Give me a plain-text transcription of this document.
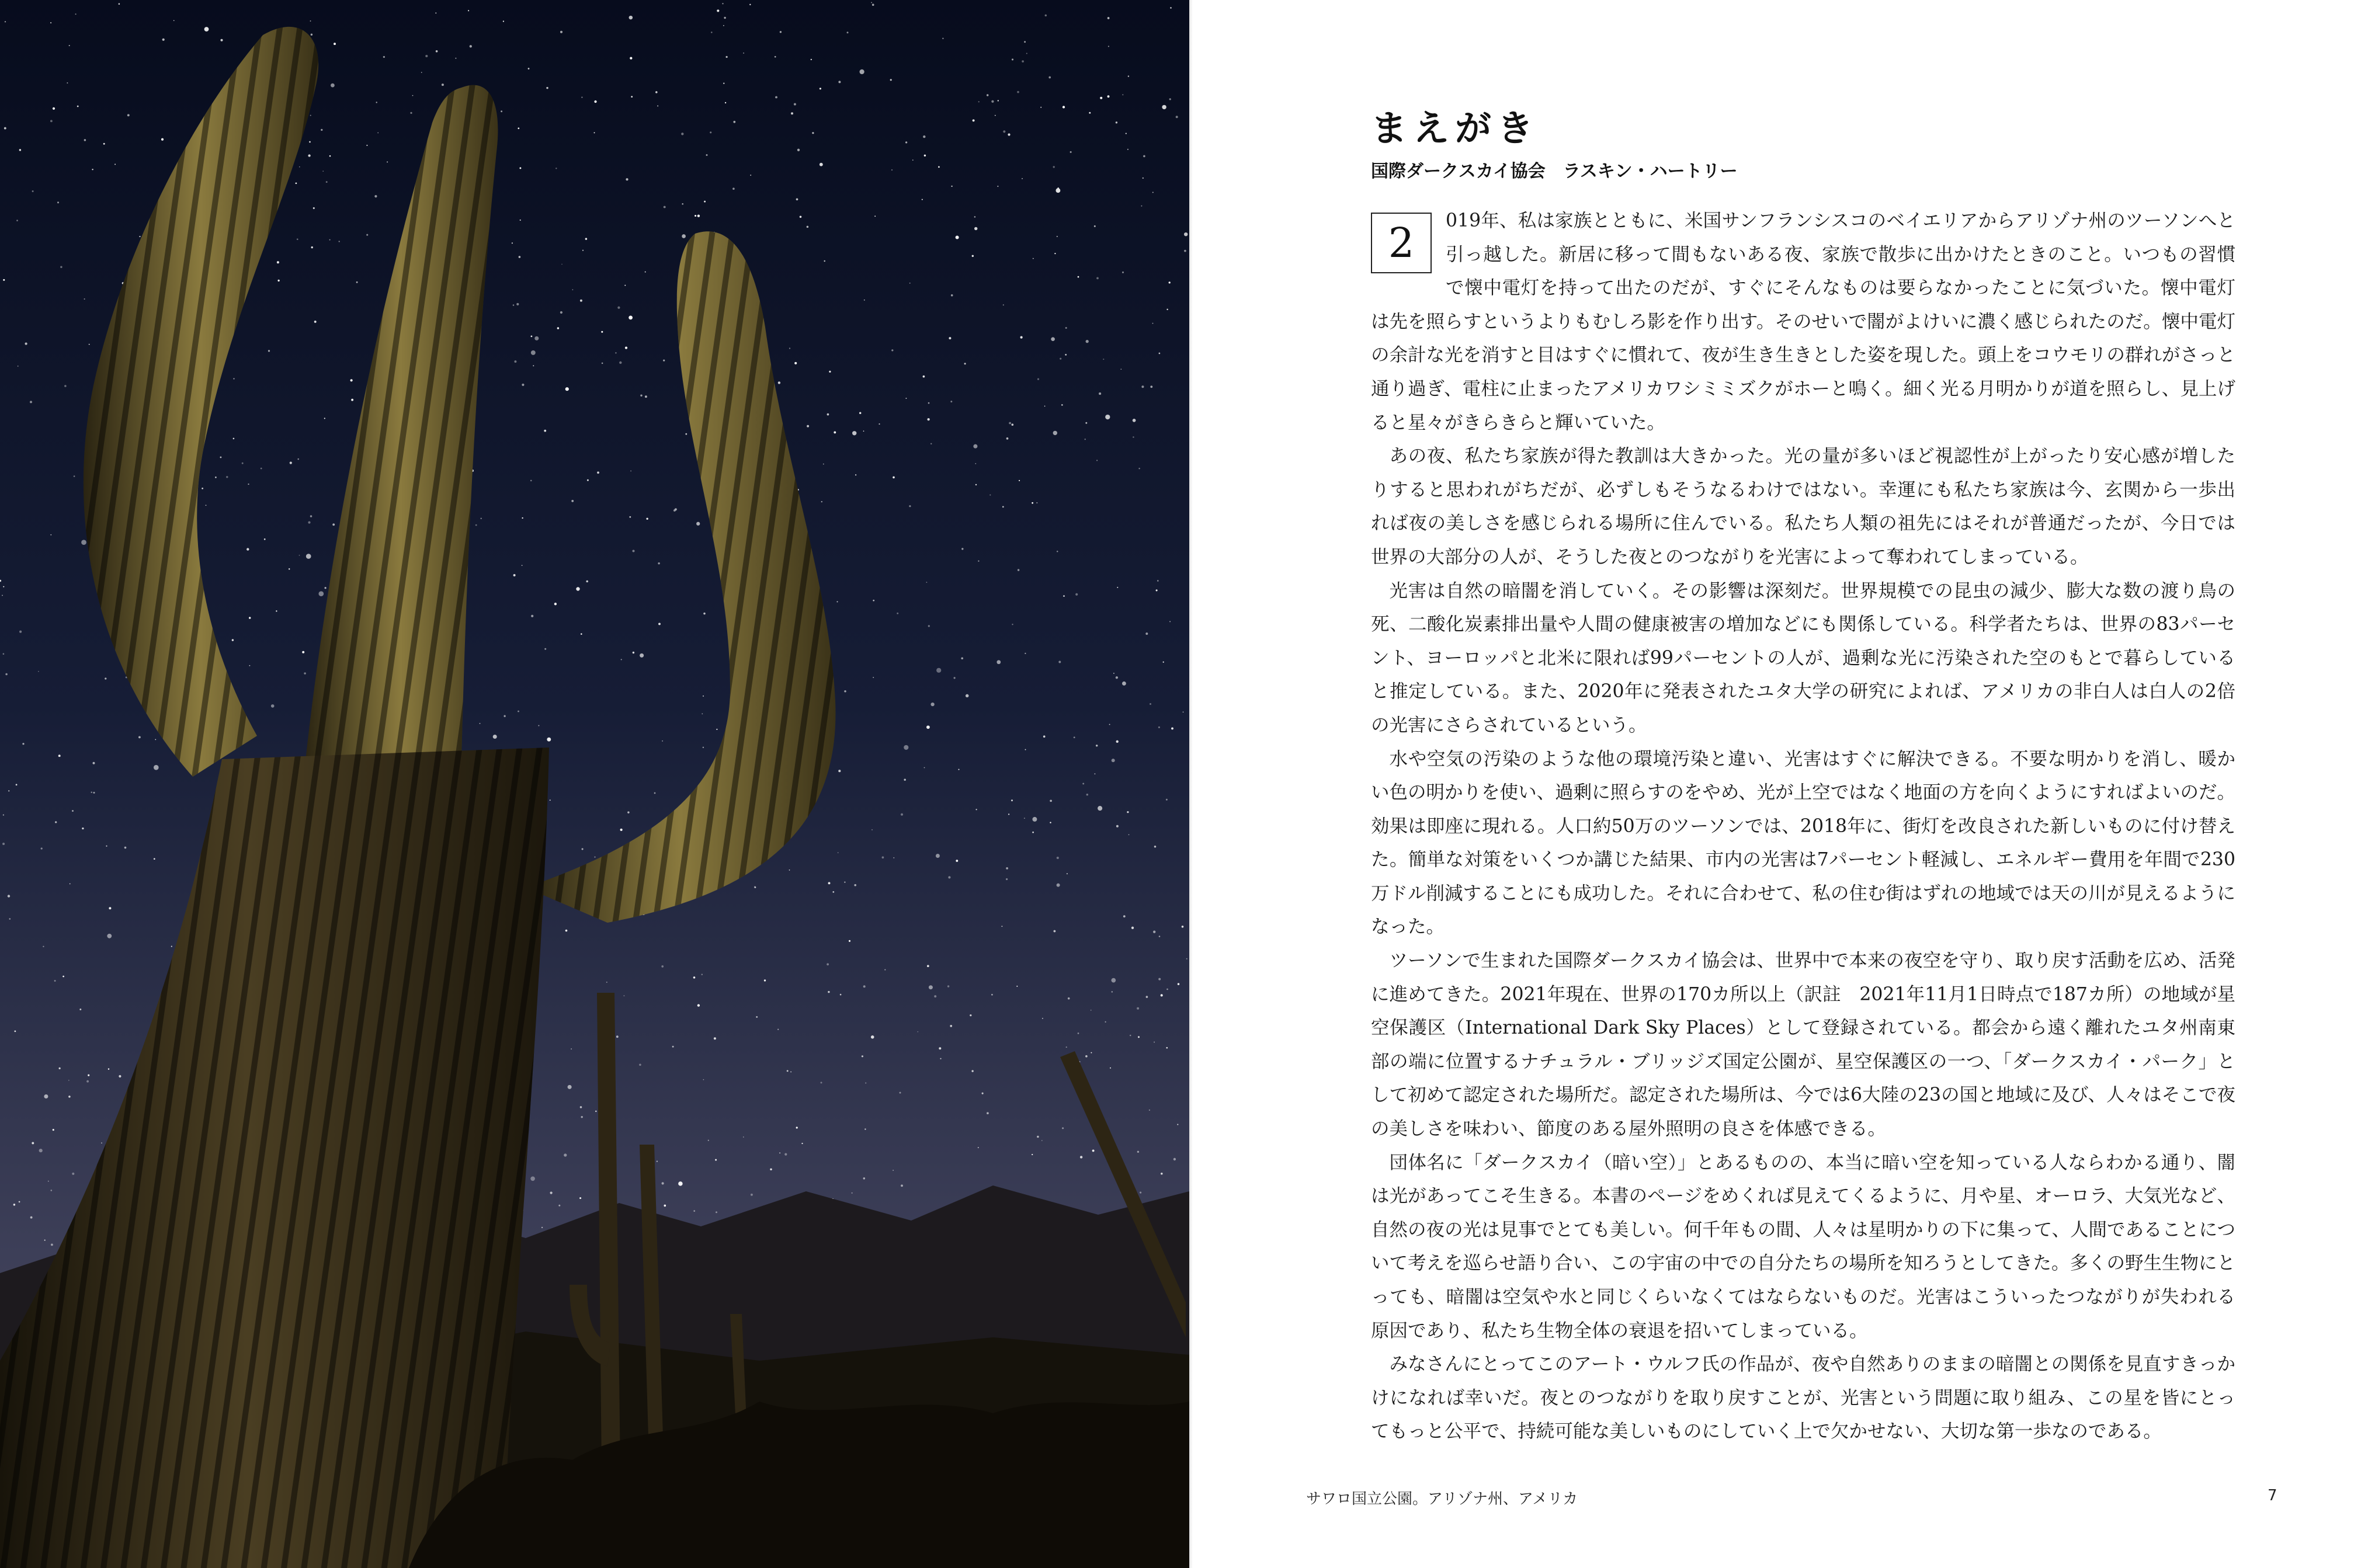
まえがき
国際ダークスカイ協会　ラスキン・ハートリー

2	019年、私は家族とともに、米国サンフランシスコのベイエリアからアリゾナ州のツーソンへと引っ越した。新居に移って間もないある夜、家族で散歩に出かけたときのこと。いつもの習慣で懐中電灯を持って出たのだが、すぐにそんなものは要らなかったことに気づいた。懐中電灯は先を照らすというよりもむしろ影を作り出す。そのせいで闇がよけいに濃く感じられたのだ。懐中電灯の余計な光を消すと目はすぐに慣れて、夜が生き生きとした姿を現した。頭上をコウモリの群れがさっと通り過ぎ、電柱に止まったアメリカワシミミズクがホーと鳴く。細く光る月明かりが道を照らし、見上げると星々がきらきらと輝いていた。

あの夜、私たち家族が得た教訓は大きかった。光の量が多いほど視認性が上がったり安心感が増したりすると思われがちだが、必ずしもそうなるわけではない。幸運にも私たち家族は今、玄関から一歩出れば夜の美しさを感じられる場所に住んでいる。私たち人類の祖先にはそれが普通だったが、今日では世界の大部分の人が、そうした夜とのつながりを光害によって奪われてしまっている。

光害は自然の暗闇を消していく。その影響は深刻だ。世界規模での昆虫の減少、膨大な数の渡り鳥の死、二酸化炭素排出量や人間の健康被害の増加などにも関係している。科学者たちは、世界の83パーセント、ヨーロッパと北米に限れば99パーセントの人が、過剰な光に汚染された空のもとで暮らしていると推定している。また、2020年に発表されたユタ大学の研究によれば、アメリカの非白人は白人の2倍の光害にさらされているという。

水や空気の汚染のような他の環境汚染と違い、光害はすぐに解決できる。不要な明かりを消し、暖かい色の明かりを使い、過剰に照らすのをやめ、光が上空ではなく地面の方を向くようにすればよいのだ。効果は即座に現れる。人口約50万のツーソンでは、2018年に、街灯を改良された新しいものに付け替えた。簡単な対策をいくつか講じた結果、市内の光害は7パーセント軽減し、エネルギー費用を年間で230万ドル削減することにも成功した。それに合わせて、私の住む街はずれの地域では天の川が見えるようになった。

ツーソンで生まれた国際ダークスカイ協会は、世界中で本来の夜空を守り、取り戻す活動を広め、活発に進めてきた。2021年現在、世界の170カ所以上（訳註　2021年11月1日時点で187カ所）の地域が星空保護区（International Dark Sky Places）として登録されている。都会から遠く離れたユタ州南東部の端に位置するナチュラル・ブリッジズ国定公園が、星空保護区の一つ、「ダークスカイ・パーク」として初めて認定された場所だ。認定された場所は、今では6大陸の23の国と地域に及び、人々はそこで夜の美しさを味わい、節度のある屋外照明の良さを体感できる。

団体名に「ダークスカイ（暗い空）」とあるものの、本当に暗い空を知っている人ならわかる通り、闇は光があってこそ生きる。本書のページをめくれば見えてくるように、月や星、オーロラ、大気光など、自然の夜の光は見事でとても美しい。何千年もの間、人々は星明かりの下に集って、人間であることについて考えを巡らせ語り合い、この宇宙の中での自分たちの場所を知ろうとしてきた。多くの野生生物にとっても、暗闇は空気や水と同じくらいなくてはならないものだ。光害はこういったつながりが失われる原因であり、私たち生物全体の衰退を招いてしまっている。

みなさんにとってこのアート・ウルフ氏の作品が、夜や自然ありのままの暗闇との関係を見直すきっかけになれば幸いだ。夜とのつながりを取り戻すことが、光害という問題に取り組み、この星を皆にとってもっと公平で、持続可能な美しいものにしていく上で欠かせない、大切な第一歩なのである。

サワロ国立公園。アリゾナ州、アメリカ	7
